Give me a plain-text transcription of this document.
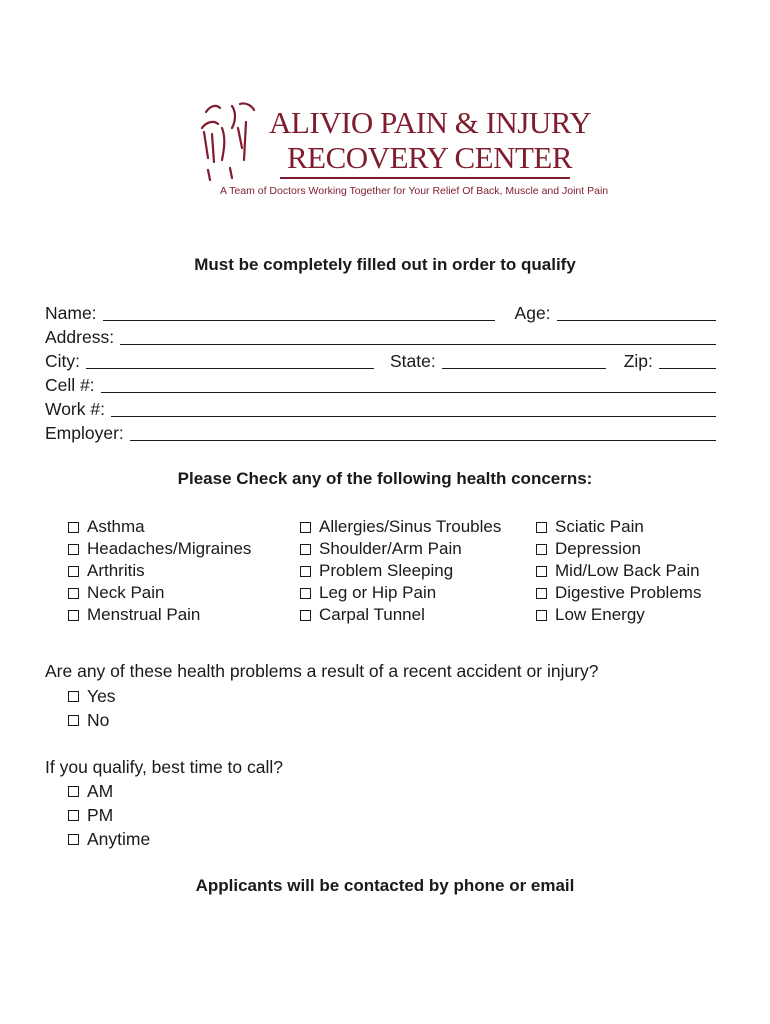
ALIVIO PAIN & INJURY
RECOVERY CENTER
A Team of Doctors Working Together for Your Relief Of Back, Muscle and Joint Pain
Must be completely filled out in order to qualify
Name:	Age:
Address:
City:	State:	Zip:
Cell #:
Work #:
Employer:
Please Check any of the following health concerns:
Asthma
Headaches/Migraines
Arthritis
Neck Pain
Menstrual Pain
Allergies/Sinus Troubles
Shoulder/Arm Pain
Problem Sleeping
Leg or Hip Pain
Carpal Tunnel
Sciatic Pain
Depression
Mid/Low Back Pain
Digestive Problems
Low Energy
Are any of these health problems a result of a recent accident or injury?
Yes
No
If you qualify, best time to call?
AM
PM
Anytime
Applicants will be contacted by phone or email
